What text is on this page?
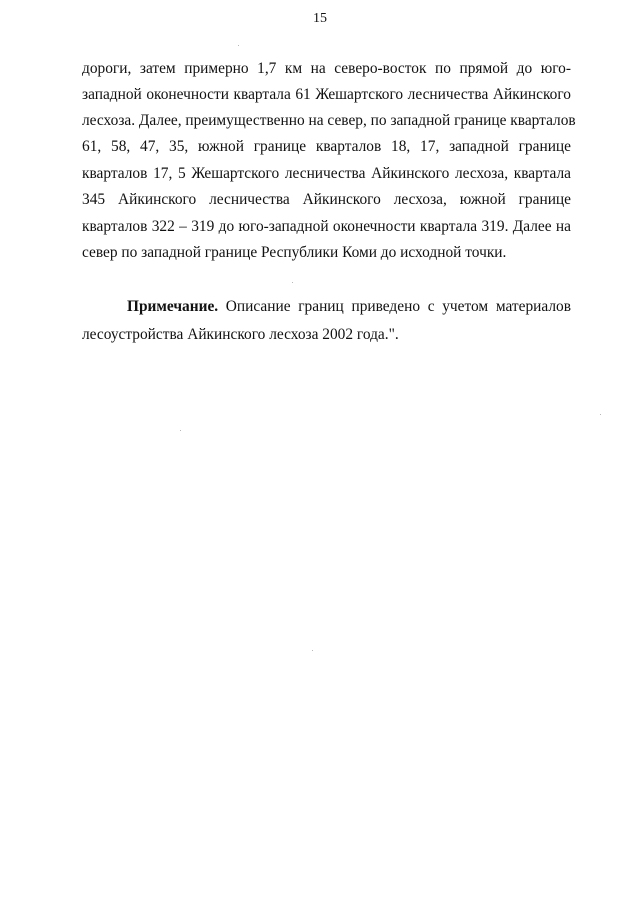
15
дороги, затем примерно 1,7 км на северо-восток по прямой до юго-
западной оконечности квартала 61 Жешартского лесничества Айкинского
лесхоза. Далее, преимущественно на север, по западной границе кварталов
61, 58, 47, 35, южной границе кварталов 18, 17, западной границе
кварталов 17, 5 Жешартского лесничества Айкинского лесхоза, квартала
345 Айкинского лесничества Айкинского лесхоза, южной границе
кварталов 322 – 319 до юго-западной оконечности квартала 319. Далее на
север по западной границе Республики Коми до исходной точки.
Примечание. Описание границ приведено с учетом материалов
лесоустройства Айкинского лесхоза 2002 года.".
